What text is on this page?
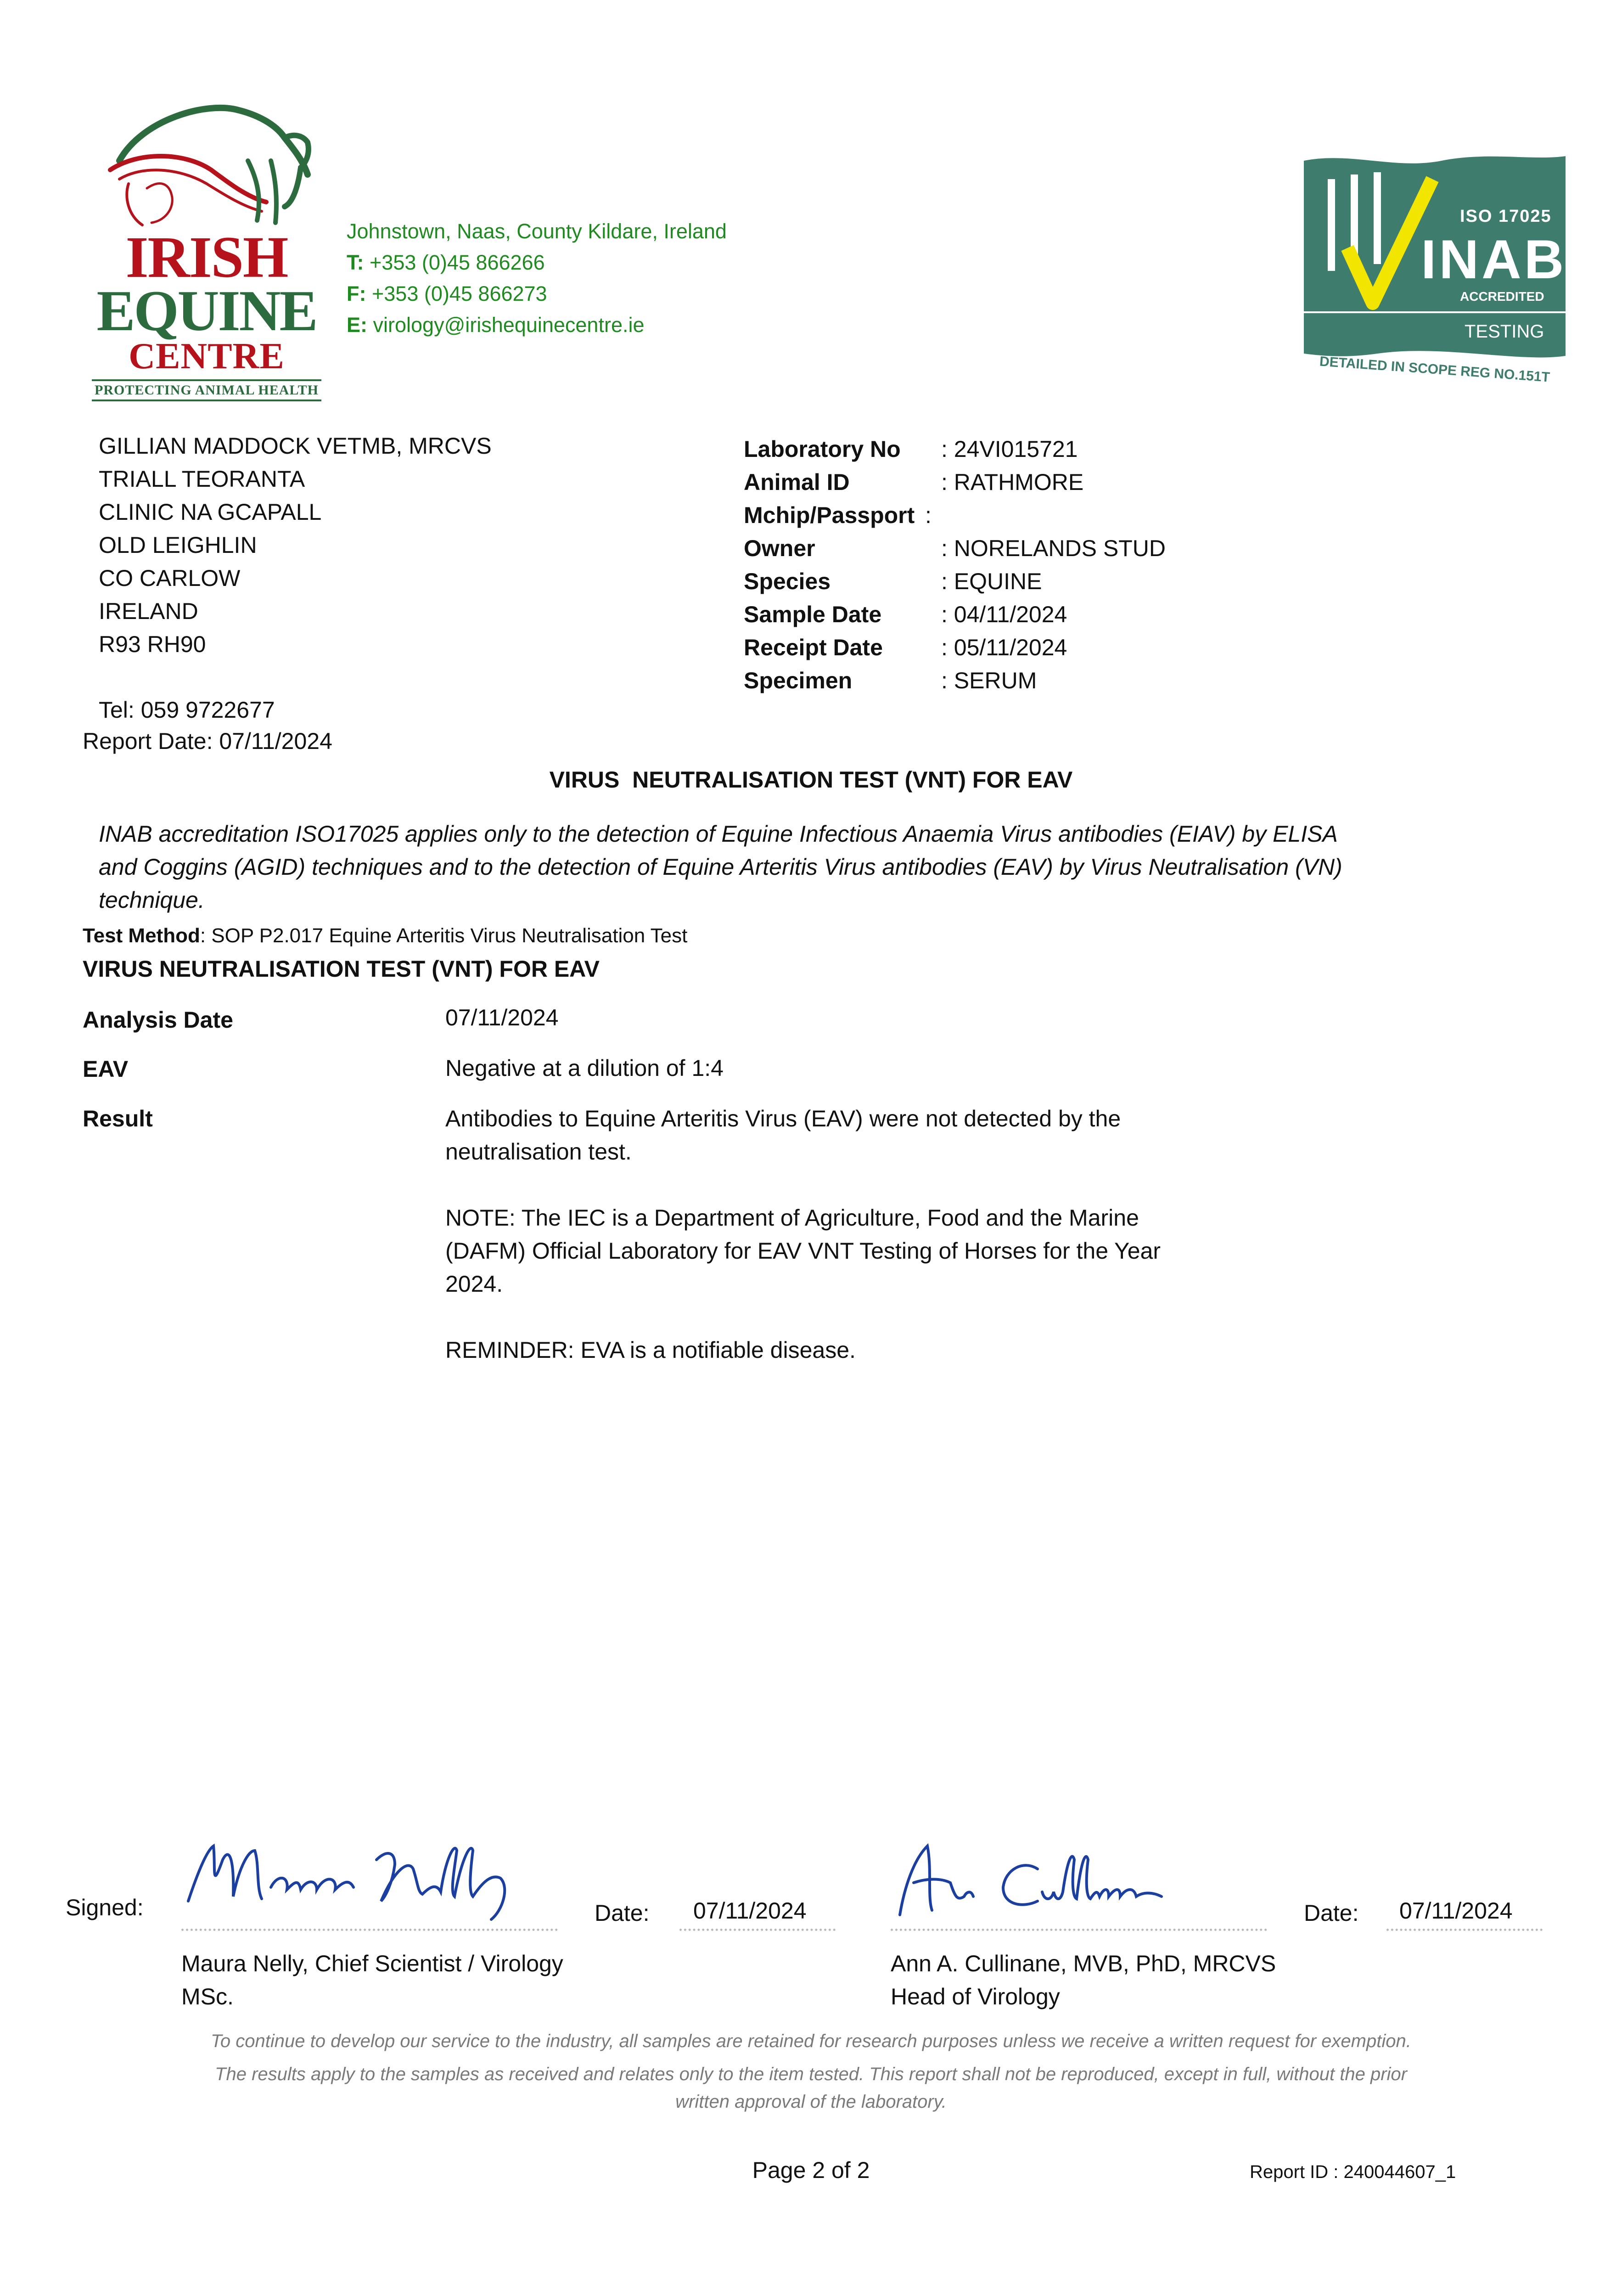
IRISH
EQUINE
CENTRE
PROTECTING ANIMAL HEALTH
Johnstown, Naas, County Kildare, Ireland
T: +353 (0)45 866266
F: +353 (0)45 866273
E: virology@irishequinecentre.ie
ISO 17025
INAB
ACCREDITED
TESTING
DETAILED IN SCOPE REG NO.151T
GILLIAN MADDOCK VETMB, MRCVS
TRIALL TEORANTA
CLINIC NA GCAPALL
OLD LEIGHLIN
CO CARLOW
IRELAND
R93 RH90
Tel: 059 9722677
Report Date: 07/11/2024
Laboratory No : 24VI015721
Animal ID	: RATHMORE
Mchip/Passport :
Owner	: NORELANDS STUD
Species	: EQUINE
Sample Date	: 04/11/2024
Receipt Date	: 05/11/2024
Specimen	: SERUM
VIRUS  NEUTRALISATION TEST (VNT) FOR EAV
INAB accreditation ISO17025 applies only to the detection of Equine Infectious Anaemia Virus antibodies (EIAV) by ELISA
and Coggins (AGID) techniques and to the detection of Equine Arteritis Virus antibodies (EAV) by Virus Neutralisation (VN)
technique.
Test Method: SOP P2.017 Equine Arteritis Virus Neutralisation Test
VIRUS NEUTRALISATION TEST (VNT) FOR EAV
Analysis Date	07/11/2024
EAV	Negative at a dilution of 1:4
Result	Antibodies to Equine Arteritis Virus (EAV) were not detected by the
neutralisation test.
NOTE: The IEC is a Department of Agriculture, Food and the Marine
(DAFM) Official Laboratory for EAV VNT Testing of Horses for the Year
2024.
REMINDER: EVA is a notifiable disease.
Signed:	Date: 07/11/2024
Maura Nelly, Chief Scientist / Virology
MSc.
Date: 07/11/2024
Ann A. Cullinane, MVB, PhD, MRCVS
Head of Virology
To continue to develop our service to the industry, all samples are retained for research purposes unless we receive a written request for exemption.
The results apply to the samples as received and relates only to the item tested. This report shall not be reproduced, except in full, without the prior
written approval of the laboratory.
Page 2 of 2	Report ID : 240044607_1
